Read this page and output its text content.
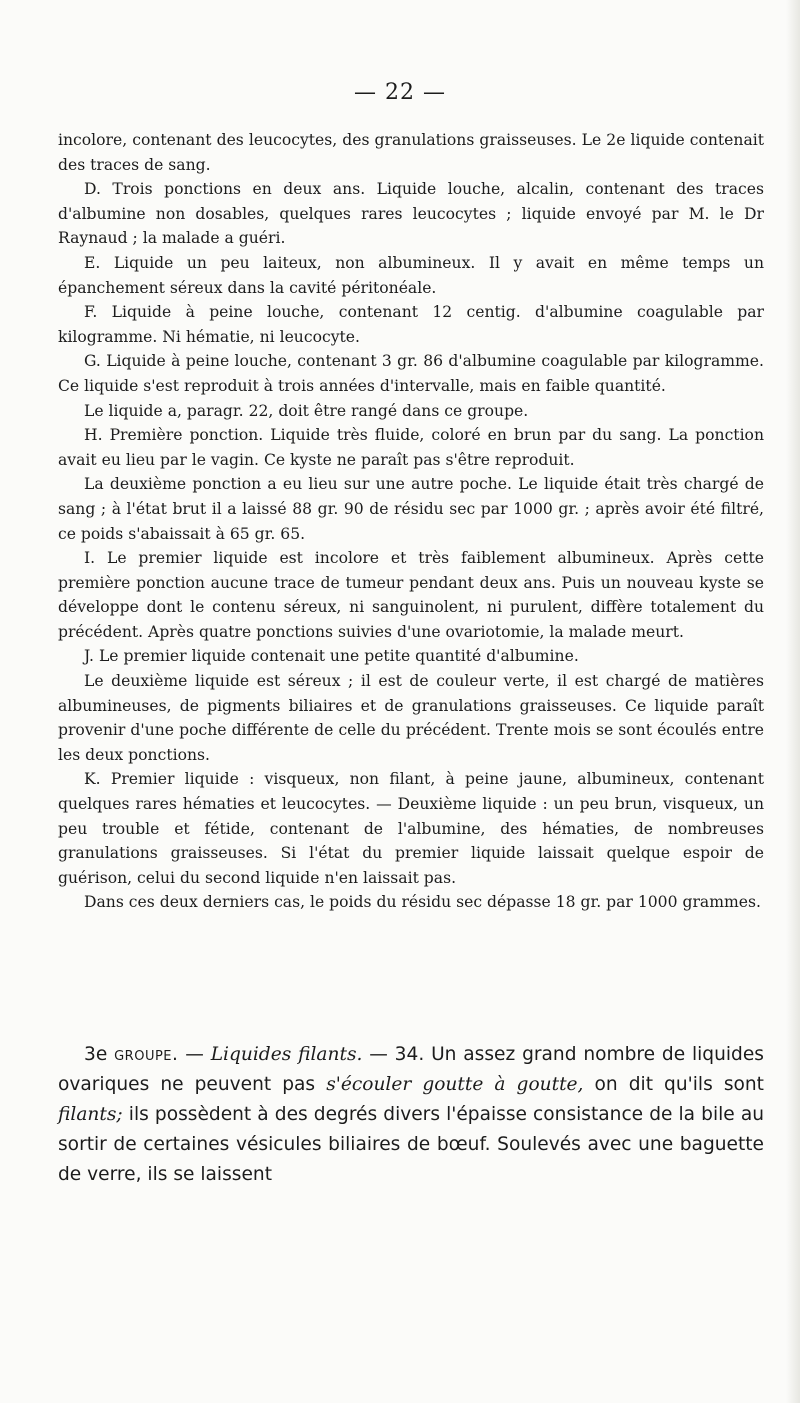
— 22 —

incolore, contenant des leucocytes, des granulations graisseuses. Le 2e liquide contenait des traces de sang.

D. Trois ponctions en deux ans. Liquide louche, alcalin, contenant des traces d'albumine non dosables, quelques rares leucocytes ; liquide envoyé par M. le Dr Raynaud ; la malade a guéri.

E. Liquide un peu laiteux, non albumineux. Il y avait en même temps un épanchement séreux dans la cavité péritonéale.

F. Liquide à peine louche, contenant 12 centig. d'albumine coagulable par kilogramme. Ni hématie, ni leucocyte.

G. Liquide à peine louche, contenant 3 gr. 86 d'albumine coagulable par kilogramme. Ce liquide s'est reproduit à trois années d'intervalle, mais en faible quantité.

Le liquide a, paragr. 22, doit être rangé dans ce groupe.

H. Première ponction. Liquide très fluide, coloré en brun par du sang. La ponction avait eu lieu par le vagin. Ce kyste ne paraît pas s'être reproduit.

La deuxième ponction a eu lieu sur une autre poche. Le liquide était très chargé de sang ; à l'état brut il a laissé 88 gr. 90 de résidu sec par 1000 gr. ; après avoir été filtré, ce poids s'abaissait à 65 gr. 65.

I. Le premier liquide est incolore et très faiblement albumineux. Après cette première ponction aucune trace de tumeur pendant deux ans. Puis un nouveau kyste se développe dont le contenu séreux, ni sanguinolent, ni purulent, diffère totalement du précédent. Après quatre ponctions suivies d'une ovariotomie, la malade meurt.

J. Le premier liquide contenait une petite quantité d'albumine.

Le deuxième liquide est séreux ; il est de couleur verte, il est chargé de matières albumineuses, de pigments biliaires et de granulations graisseuses. Ce liquide paraît provenir d'une poche différente de celle du précédent. Trente mois se sont écoulés entre les deux ponctions.

K. Premier liquide : visqueux, non filant, à peine jaune, albumineux, contenant quelques rares hématies et leucocytes. — Deuxième liquide : un peu brun, visqueux, un peu trouble et fétide, contenant de l'albumine, des hématies, de nombreuses granulations graisseuses. Si l'état du premier liquide laissait quelque espoir de guérison, celui du second liquide n'en laissait pas.

Dans ces deux derniers cas, le poids du résidu sec dépasse 18 gr. par 1000 grammes.

3e groupe. — Liquides filants. — 34. Un assez grand nombre de liquides ovariques ne peuvent pas s'écouler goutte à goutte, on dit qu'ils sont filants; ils possèdent à des degrés divers l'épaisse consistance de la bile au sortir de certaines vésicules biliaires de bœuf. Soulevés avec une baguette de verre, ils se laissent
